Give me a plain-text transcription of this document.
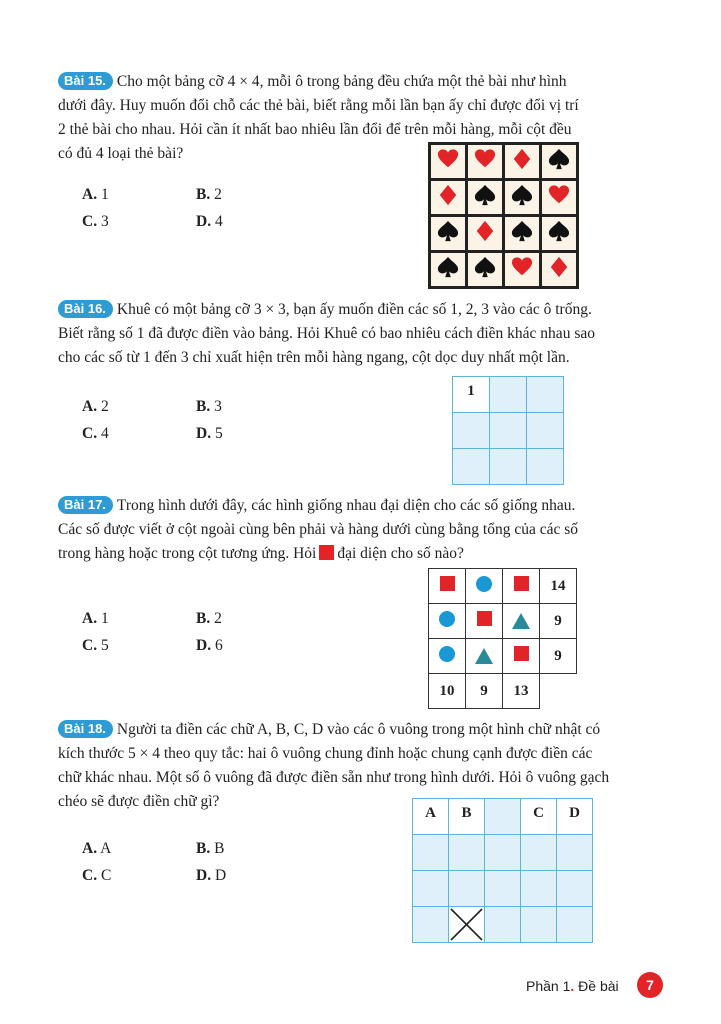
Bài 15. Cho một bảng cỡ 4 × 4, mỗi ô trong bảng đều chứa một thẻ bài như hình
dưới đây. Huy muốn đổi chỗ các thẻ bài, biết rằng mỗi lần bạn ấy chỉ được đổi vị trí
2 thẻ bài cho nhau. Hỏi cần ít nhất bao nhiêu lần đổi để trên mỗi hàng, mỗi cột đều
có đủ 4 loại thẻ bài?
A. 1	B. 2
C. 3	D. 4

Bài 16. Khuê có một bảng cỡ 3 × 3, bạn ấy muốn điền các số 1, 2, 3 vào các ô trống.
Biết rằng số 1 đã được điền vào bảng. Hỏi Khuê có bao nhiêu cách điền khác nhau sao
cho các số từ 1 đến 3 chỉ xuất hiện trên mỗi hàng ngang, cột dọc duy nhất một lần.
A. 2	B. 3
C. 4	D. 5
1		

Bài 17. Trong hình dưới đây, các hình giống nhau đại diện cho các số giống nhau.
Các số được viết ở cột ngoài cùng bên phải và hàng dưới cùng bằng tổng của các số
trong hàng hoặc trong cột tương ứng. Hỏi đại diện cho số nào?
A. 1	B. 2
C. 5	D. 6
			14
			9
			9
10	9	13	
Bài 18. Người ta điền các chữ A, B, C, D vào các ô vuông trong một hình chữ nhật có
kích thước 5 × 4 theo quy tắc: hai ô vuông chung đỉnh hoặc chung cạnh được điền các
chữ khác nhau. Một số ô vuông đã được điền sẵn như trong hình dưới. Hỏi ô vuông gạch
chéo sẽ được điền chữ gì?
A. A	B. B
C. C	D. D
A	B		C	D

Phần 1. Đề bài	7
